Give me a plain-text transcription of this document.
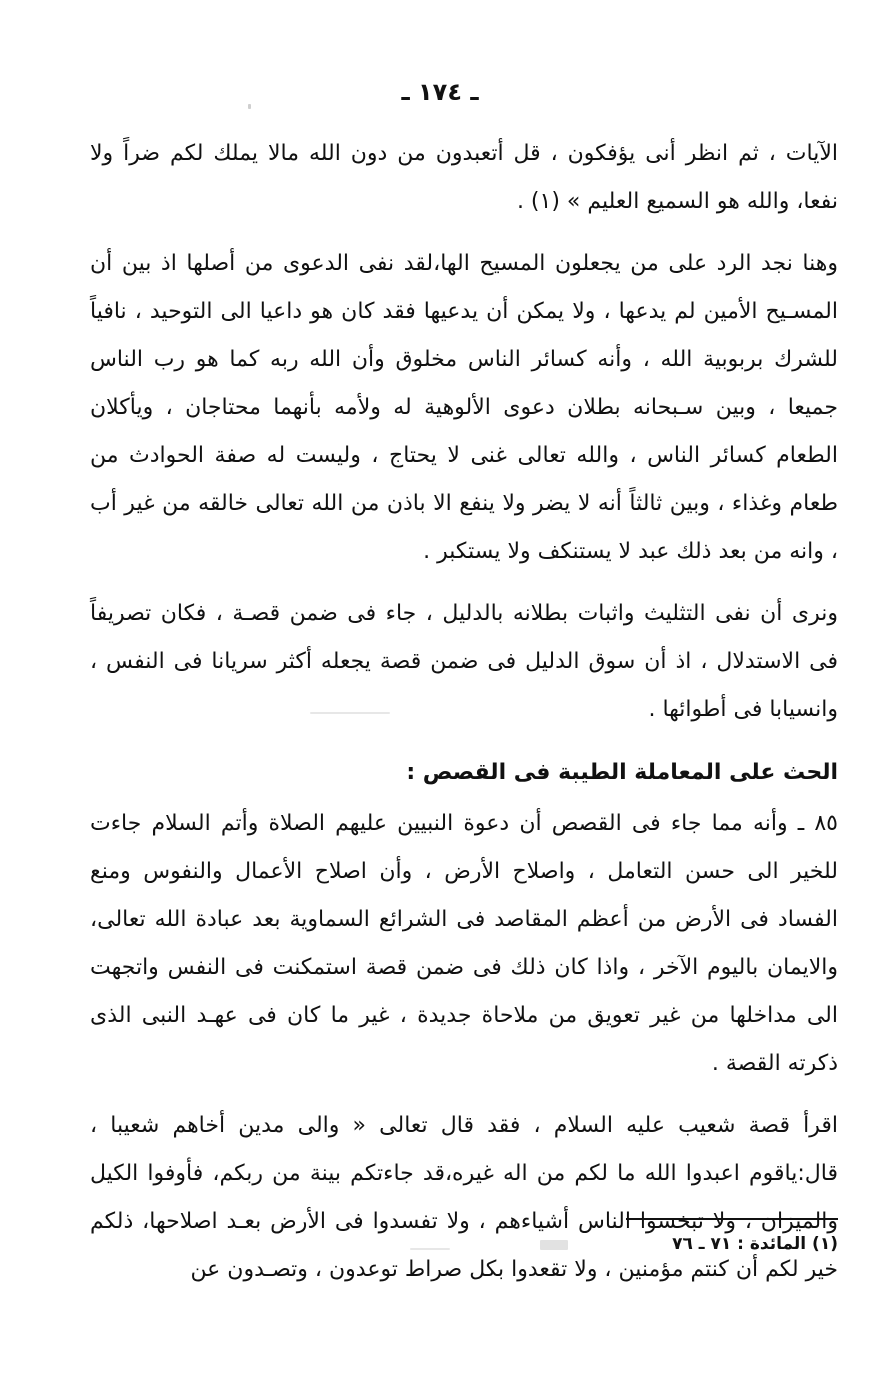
ـ ١٧٤ ـ

الآيات ، ثم انظر أنى يؤفكون ، قل أتعبدون من دون الله مالا يملك لكم ضراً ولا نفعا، والله هو السميع العليم » (١) .

وهنا نجد الرد على من يجعلون المسيح الها،لقد نفى الدعوى من أصلها اذ بين أن المسـيح الأمين لم يدعها ، ولا يمكن أن يدعيها فقد كان هو داعيا الى التوحيد ، نافياً للشرك بربوبية الله ، وأنه كسائر الناس مخلوق وأن الله ربه كما هو رب الناس جميعا ، وبين سـبحانه بطلان دعوى الألوهية له ولأمه بأنهما محتاجان ، ويأكلان الطعام كسائر الناس ، والله تعالى غنى لا يحتاج ، وليست له صفة الحوادث من طعام وغذاء ، وبين ثالثاً أنه لا يضر ولا ينفع الا باذن من الله تعالى خالقه من غير أب ، وانه من بعد ذلك عبد لا يستنكف ولا يستكبر .

ونرى أن نفى التثليث واثبات بطلانه بالدليل ، جاء فى ضمن قصـة ، فكان تصريفاً فى الاستدلال ، اذ أن سوق الدليل فى ضمن قصة يجعله أكثر سريانا فى النفس ، وانسيابا فى أطوائها .

الحث على المعاملة الطيبة فى القصص :

٨٥ ـ وأنه مما جاء فى القصص أن دعوة النبيين عليهم الصلاة وأتم السلام جاءت للخير الى حسن التعامل ، واصلاح الأرض ، وأن اصلاح الأعمال والنفوس ومنع الفساد فى الأرض من أعظم المقاصد فى الشرائع السماوية بعد عبادة الله تعالى، والايمان باليوم الآخر ، واذا كان ذلك فى ضمن قصة استمكنت فى النفس واتجهت الى مداخلها من غير تعويق من ملاحاة جديدة ، غير ما كان فى عهـد النبى الذى ذكرته القصة .

اقرأ قصة شعيب عليه السلام ، فقد قال تعالى « والى مدين أخاهم شعيبا ، قال:ياقوم اعبدوا الله ما لكم من اله غيره،قد جاءتكم بينة من ربكم، فأوفوا الكيل والميزان ، ولا تبخسوا الناس أشياءهم ، ولا تفسدوا فى الأرض بعـد اصلاحها، ذلكم خير لكم أن كنتم مؤمنين ، ولا تقعدوا بكل صراط توعدون ، وتصـدون عن

(١) المائدة : ٧١ ـ ٧٦
